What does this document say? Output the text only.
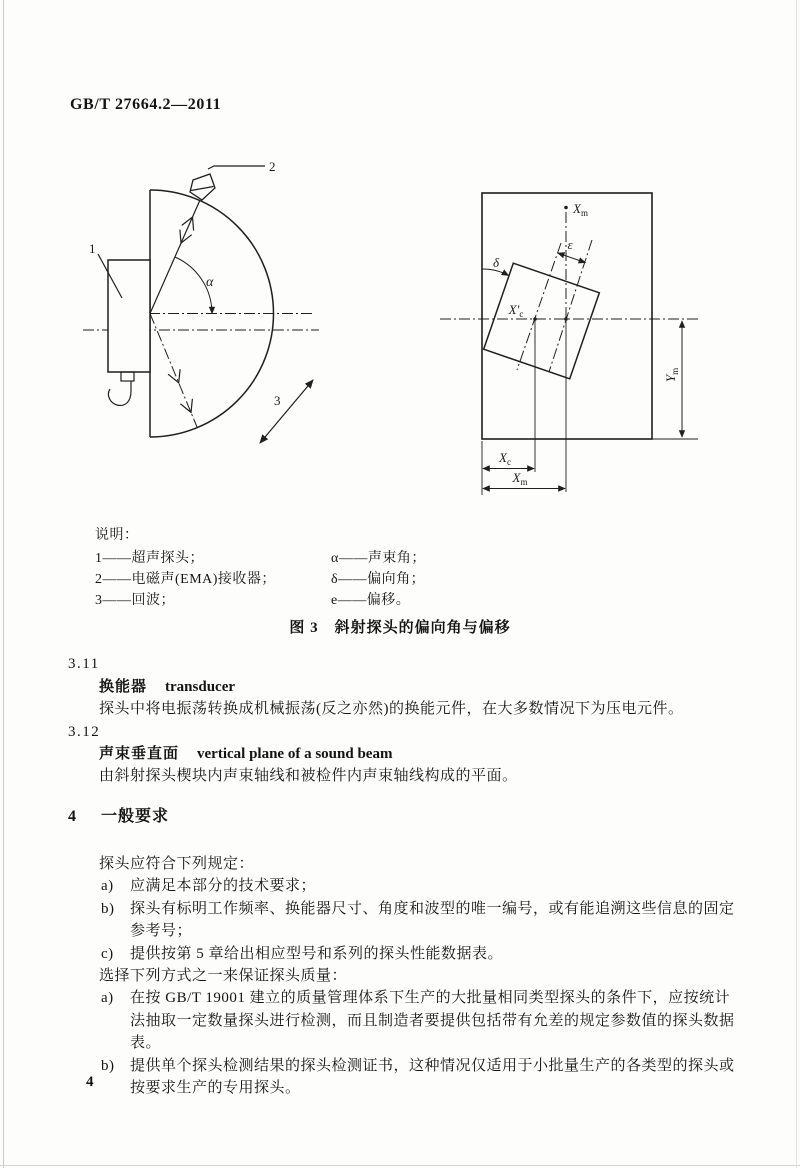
GB/T 27664.2—2011
1
2
α
3
$X_m$
ε
δ
$X'_c$
$Y_m$
$X_c$
$X_m$
说明：
1——超声探头；
2——电磁声(EMA)接收器；
3——回波；
α——声束角；
δ——偏向角；
e——偏移。
图 3　斜射探头的偏向角与偏移
3.11
换能器 transducer
探头中将电振荡转换成机械振荡(反之亦然)的换能元件，在大多数情况下为压电元件。
3.12
声束垂直面 vertical plane of a sound beam
由斜射探头楔块内声束轴线和被检件内声束轴线构成的平面。
4 一般要求
探头应符合下列规定：
a)	应满足本部分的技术要求；
b)	探头有标明工作频率、换能器尺寸、角度和波型的唯一编号，或有能追溯这些信息的固定参考号；
c)	提供按第 5 章给出相应型号和系列的探头性能数据表。
选择下列方式之一来保证探头质量：
a)	在按 GB/T 19001 建立的质量管理体系下生产的大批量相同类型探头的条件下，应按统计法抽取一定数量探头进行检测，而且制造者要提供包括带有允差的规定参数值的探头数据表。
b)	提供单个探头检测结果的探头检测证书，这种情况仅适用于小批量生产的各类型的探头或按要求生产的专用探头。
4
